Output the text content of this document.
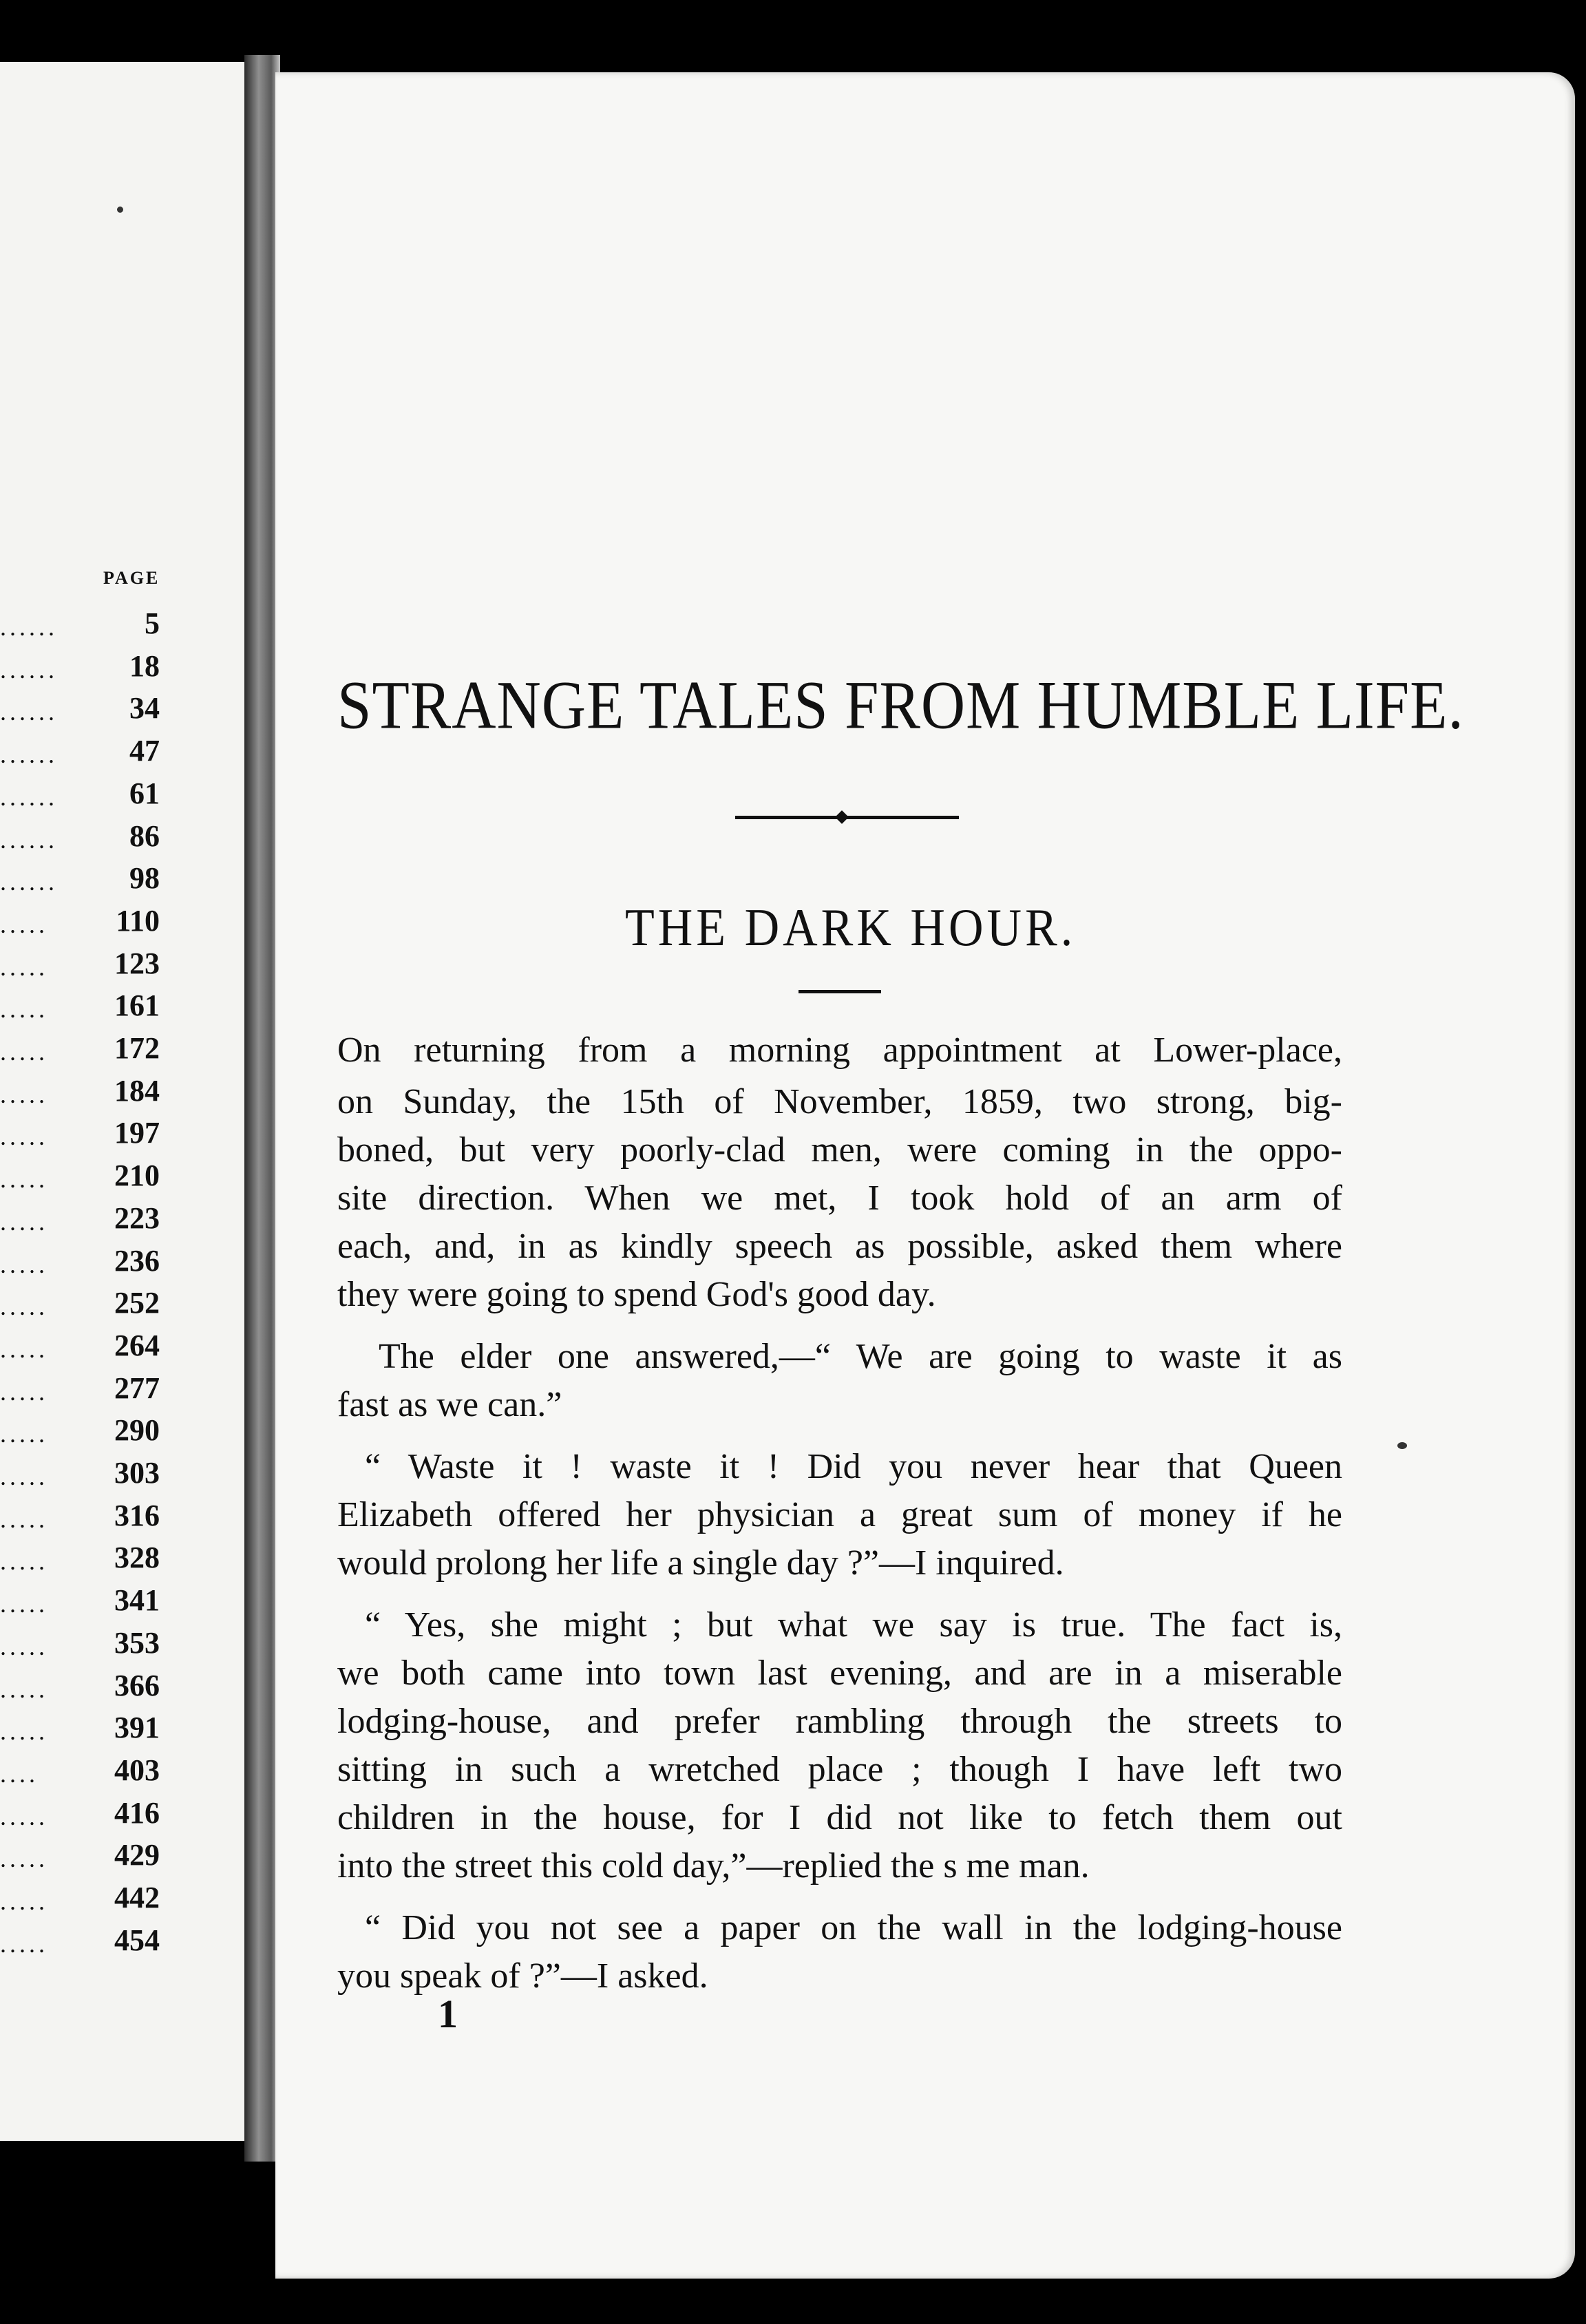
PAGE
......	5
...... 18
...... 34
...... 47
...... 61
...... 86
...... 98
..... 110
..... 123
..... 161
..... 172
..... 184
..... 197
..... 210
..... 223
..... 236
..... 252
..... 264
..... 277
..... 290
..... 303
..... 316
..... 328
..... 341
..... 353
..... 366
..... 391
....	403
..... 416
..... 429
..... 442
..... 454
STRANGE TALES FROM HUMBLE LIFE.
THE DARK HOUR.
On returning from a morning appointment at Lower-place,
on Sunday, the 15th of November, 1859, two strong, big-
boned, but very poorly-clad men, were coming in the oppo-
site direction. When we met, I took hold of an arm of
each, and, in as kindly speech as possible, asked them where
they were going to spend God's good day.
The elder one answered,—“ We are going to waste it as
fast as we can.”
“ Waste it ! waste it ! Did you never hear that Queen
Elizabeth offered her physician a great sum of money if he
would prolong her life a single day ?”—I inquired.
“ Yes, she might ; but what we say is true. The fact is,
we both came into town last evening, and are in a miserable
lodging-house, and prefer rambling through the streets to
sitting in such a wretched place ; though I have left two
children in the house, for I did not like to fetch them out
into the street this cold day,”—replied the s me man.
“ Did you not see a paper on the wall in the lodging-house
you speak of ?”—I asked.
1
